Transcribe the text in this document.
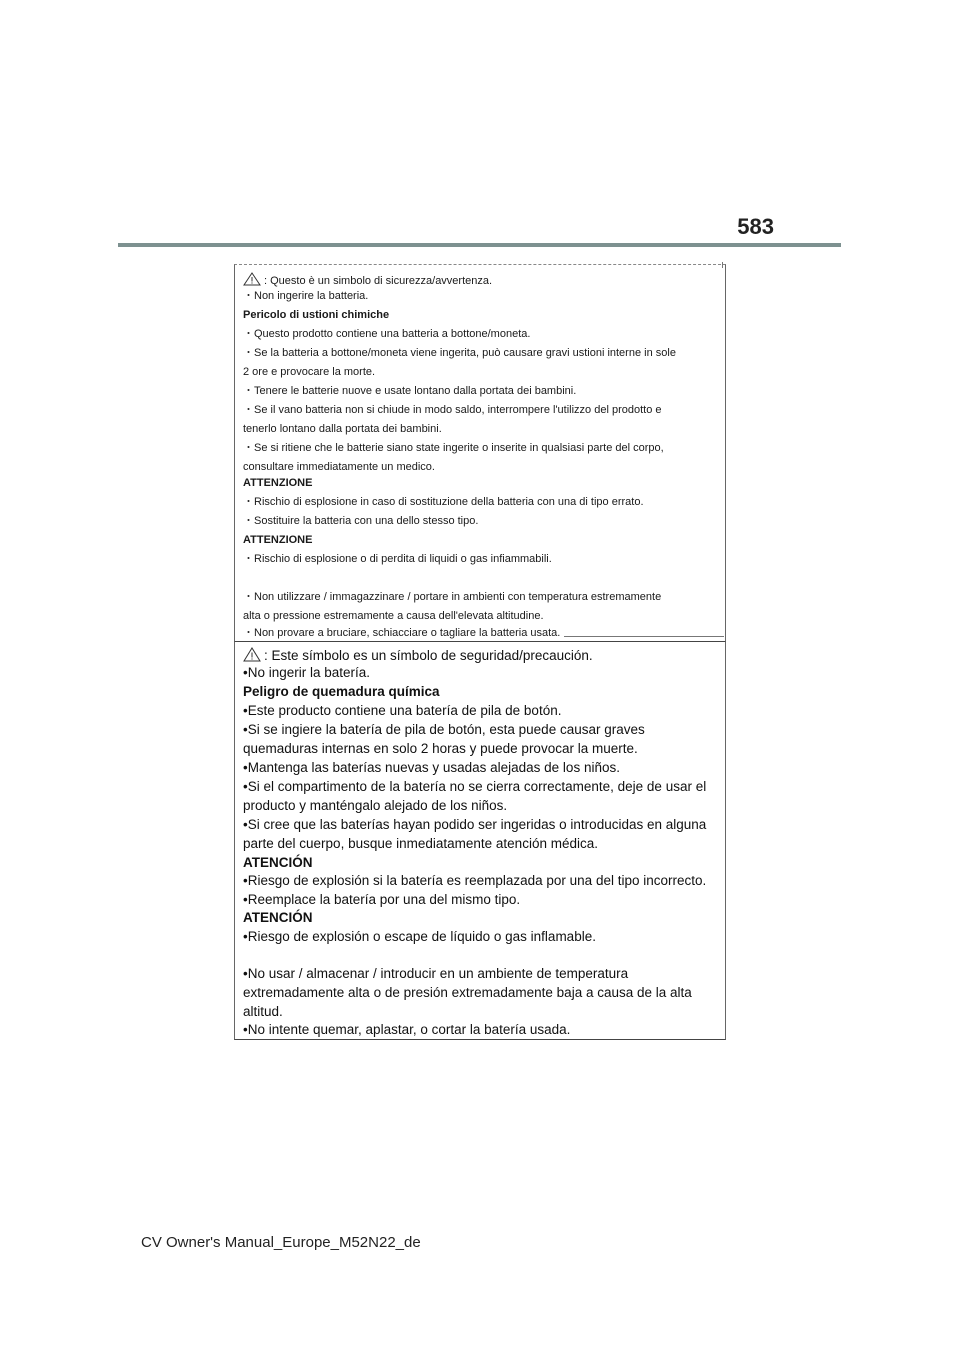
583
: Questo è un simbolo di sicurezza/avvertenza.
・Non ingerire la batteria.
Pericolo di ustioni chimiche
・Questo prodotto contiene una batteria a bottone/moneta.
・Se la batteria a bottone/moneta viene ingerita, può causare gravi ustioni interne in sole
2 ore e provocare la morte.
・Tenere le batterie nuove e usate lontano dalla portata dei bambini.
・Se il vano batteria non si chiude in modo saldo, interrompere l'utilizzo del prodotto e
tenerlo lontano dalla portata dei bambini.
・Se si ritiene che le batterie siano state ingerite o inserite in qualsiasi parte del corpo,
consultare immediatamente un medico.
ATTENZIONE
・Rischio di esplosione in caso di sostituzione della batteria con una di tipo errato.
・Sostituire la batteria con una dello stesso tipo.
ATTENZIONE
・Rischio di esplosione o di perdita di liquidi o gas infiammabili.
・Non utilizzare / immagazzinare / portare in ambienti con temperatura estremamente
alta o pressione estremamente a causa dell'elevata altitudine.
・Non provare a bruciare, schiacciare o tagliare la batteria usata.
: Este símbolo es un símbolo de seguridad/precaución.
•No ingerir la batería.
Peligro de quemadura química
•Este producto contiene una batería de pila de botón.
•Si se ingiere la batería de pila de botón, esta puede causar graves
quemaduras internas en solo 2 horas y puede provocar la muerte.
•Mantenga las baterías nuevas y usadas alejadas de los niños.
•Si el compartimento de la batería no se cierra correctamente, deje de usar el
producto y manténgalo alejado de los niños.
•Si cree que las baterías hayan podido ser ingeridas o introducidas en alguna
parte del cuerpo, busque inmediatamente atención médica.
ATENCIÓN
•Riesgo de explosión si la batería es reemplazada por una del tipo incorrecto.
•Reemplace la batería por una del mismo tipo.
ATENCIÓN
•Riesgo de explosión o escape de líquido o gas inflamable.
•No usar / almacenar / introducir en un ambiente de temperatura
extremadamente alta o de presión extremadamente baja a causa de la alta
altitud.
•No intente quemar, aplastar, o cortar la batería usada.
CV Owner's Manual_Europe_M52N22_de
